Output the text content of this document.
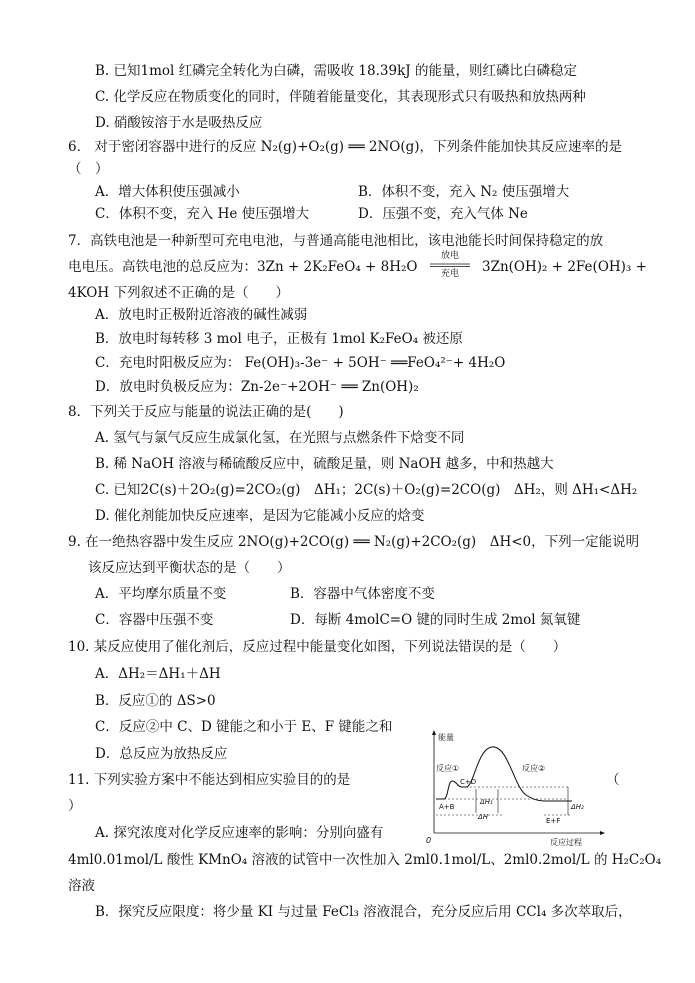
B. 已知1mol 红磷完全转化为白磷，需吸收 18.39kJ 的能量，则红磷比白磷稳定
C. 化学反应在物质变化的同时，伴随着能量变化，其表现形式只有吸热和放热两种
D. 硝酸铵溶于水是吸热反应
6． 对于密闭容器中进行的反应 N₂(g)+O₂(g) ══ 2NO(g)，下列条件能加快其反应速率的是
（　）
A．增大体积使压强减小	B．体积不变，充入 N₂ 使压强增大
C．体积不变，充入 He 使压强增大	D．压强不变，充入气体 Ne
7．高铁电池是一种新型可充电电池，与普通高能电池相比，该电池能长时间保持稳定的放
电电压。高铁电池的总反应为：3Zn + 2K₂FeO₄ + 8H₂O
放电
充电	3Zn(OH)₂ + 2Fe(OH)₃ +
4KOH 下列叙述不正确的是（　　）
A．放电时正极附近溶液的碱性减弱
B．放电时每转移 3 mol 电子，正极有 1mol K₂FeO₄ 被还原
C．充电时阳极反应为： Fe(OH)₃-3e⁻ + 5OH⁻ ══FeO₄²⁻+ 4H₂O
D．放电时负极反应为：Zn-2e⁻+2OH⁻ ══ Zn(OH)₂
8．下列关于反应与能量的说法正确的是(　　)
A. 氢气与氯气反应生成氯化氢，在光照与点燃条件下焓变不同
B. 稀 NaOH 溶液与稀硫酸反应中，硫酸足量，则 NaOH 越多，中和热越大
C. 已知2C(s)＋2O₂(g)=2CO₂(g)　ΔH₁；2C(s)＋O₂(g)=2CO(g)　ΔH₂，则 ΔH₁<ΔH₂
D. 催化剂能加快反应速率，是因为它能减小反应的焓变
9. 在一绝热容器中发生反应 2NO(g)+2CO(g) ══ N₂(g)+2CO₂(g)　ΔH<0，下列一定能说明
该反应达到平衡状态的是（　　）
A．平均摩尔质量不变	B．容器中气体密度不变
C．容器中压强不变	D．每断 4molC=O 键的同时生成 2mol 氮氧键
10. 某反应使用了催化剂后，反应过程中能量变化如图，下列说法错误的是（　　）
A．ΔH₂＝ΔH₁＋ΔH
B．反应①的 ΔS>0
C．反应②中 C、D 键能之和小于 E、F 键能之和
D．总反应为放热反应
11. 下列实验方案中不能达到相应实验目的的是	（
）
A. 探究浓度对化学反应速率的影响：分别向盛有
4ml0.01mol/L 酸性 KMnO₄ 溶液的试管中一次性加入 2ml0.1mol/L、2ml0.2mol/L 的 H₂C₂O₄
溶液
B．探究反应限度：将少量 KI 与过量 FeCl₃ 溶液混合，充分反应后用 CCl₄ 多次萃取后，
能量
0	反应过程
反应①	反应②
A+B
C+D
E+F
ΔH₁
ΔH
ΔH₂
